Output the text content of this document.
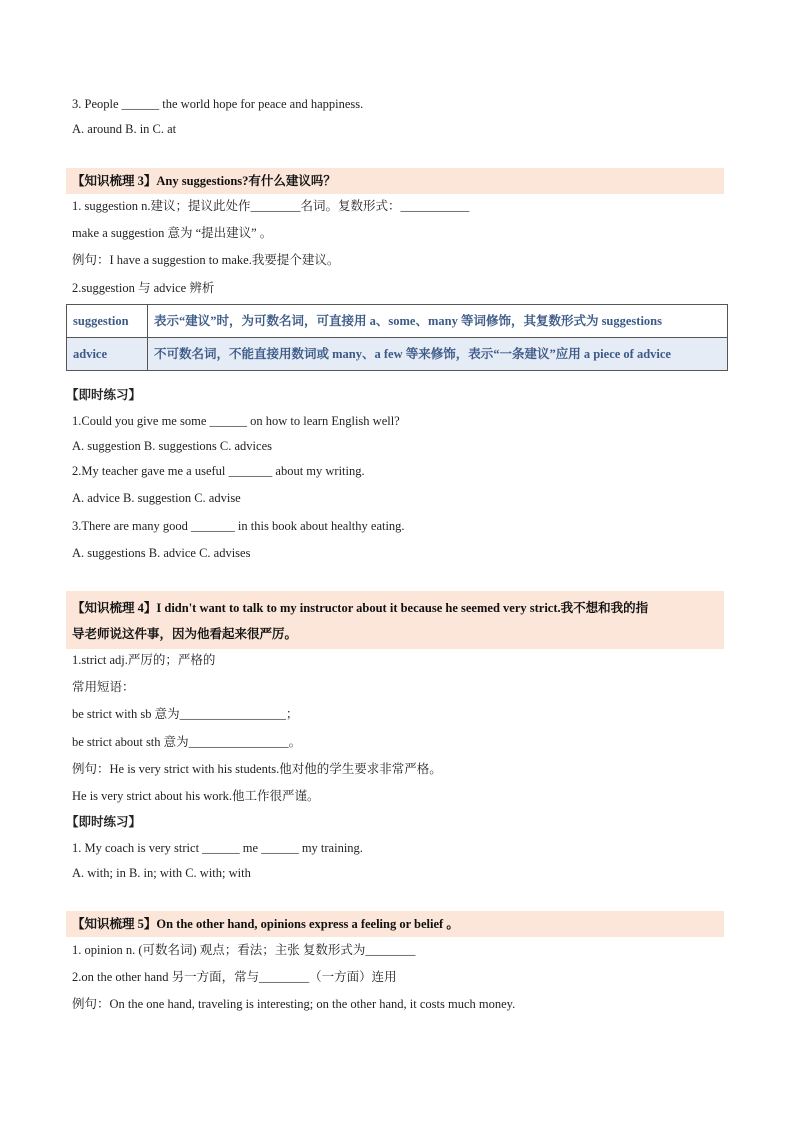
3. People ______ the world hope for peace and happiness.
A. around B. in C. at
【知识梳理 3】Any suggestions?有什么建议吗？
1. suggestion n.建议；提议此处作________名词。复数形式：___________
make a suggestion 意为 “提出建议” 。
例句：I have a suggestion to make.我要提个建议。
2.suggestion 与 advice 辨析
suggestion	表示“建议”时，为可数名词，可直接用 a、some、many 等词修饰，其复数形式为 suggestions
advice	不可数名词，不能直接用数词或 many、a few 等来修饰，表示“一条建议”应用 a piece of advice
【即时练习】
1.Could you give me some ______ on how to learn English well?
A. suggestion B. suggestions C. advices
2.My teacher gave me a useful _______ about my writing.
A. advice B. suggestion C. advise
3.There are many good _______ in this book about healthy eating.
A. suggestions B. advice C. advises
【知识梳理 4】I didn't want to talk to my instructor about it because he seemed very strict.我不想和我的指
导老师说这件事，因为他看起来很严厉。
1.strict adj.严厉的；严格的
常用短语：
be strict with sb 意为_________________；
be strict about sth 意为________________。
例句：He is very strict with his students.他对他的学生要求非常严格。
He is very strict about his work.他工作很严谨。
【即时练习】
1. My coach is very strict ______ me ______ my training.
A. with; in B. in; with C. with; with
【知识梳理 5】On the other hand, opinions express a feeling or belief 。
1. opinion n. (可数名词) 观点；看法；主张 复数形式为________
2.on the other hand 另一方面，常与________（一方面）连用
例句：On the one hand, traveling is interesting; on the other hand, it costs much money.
